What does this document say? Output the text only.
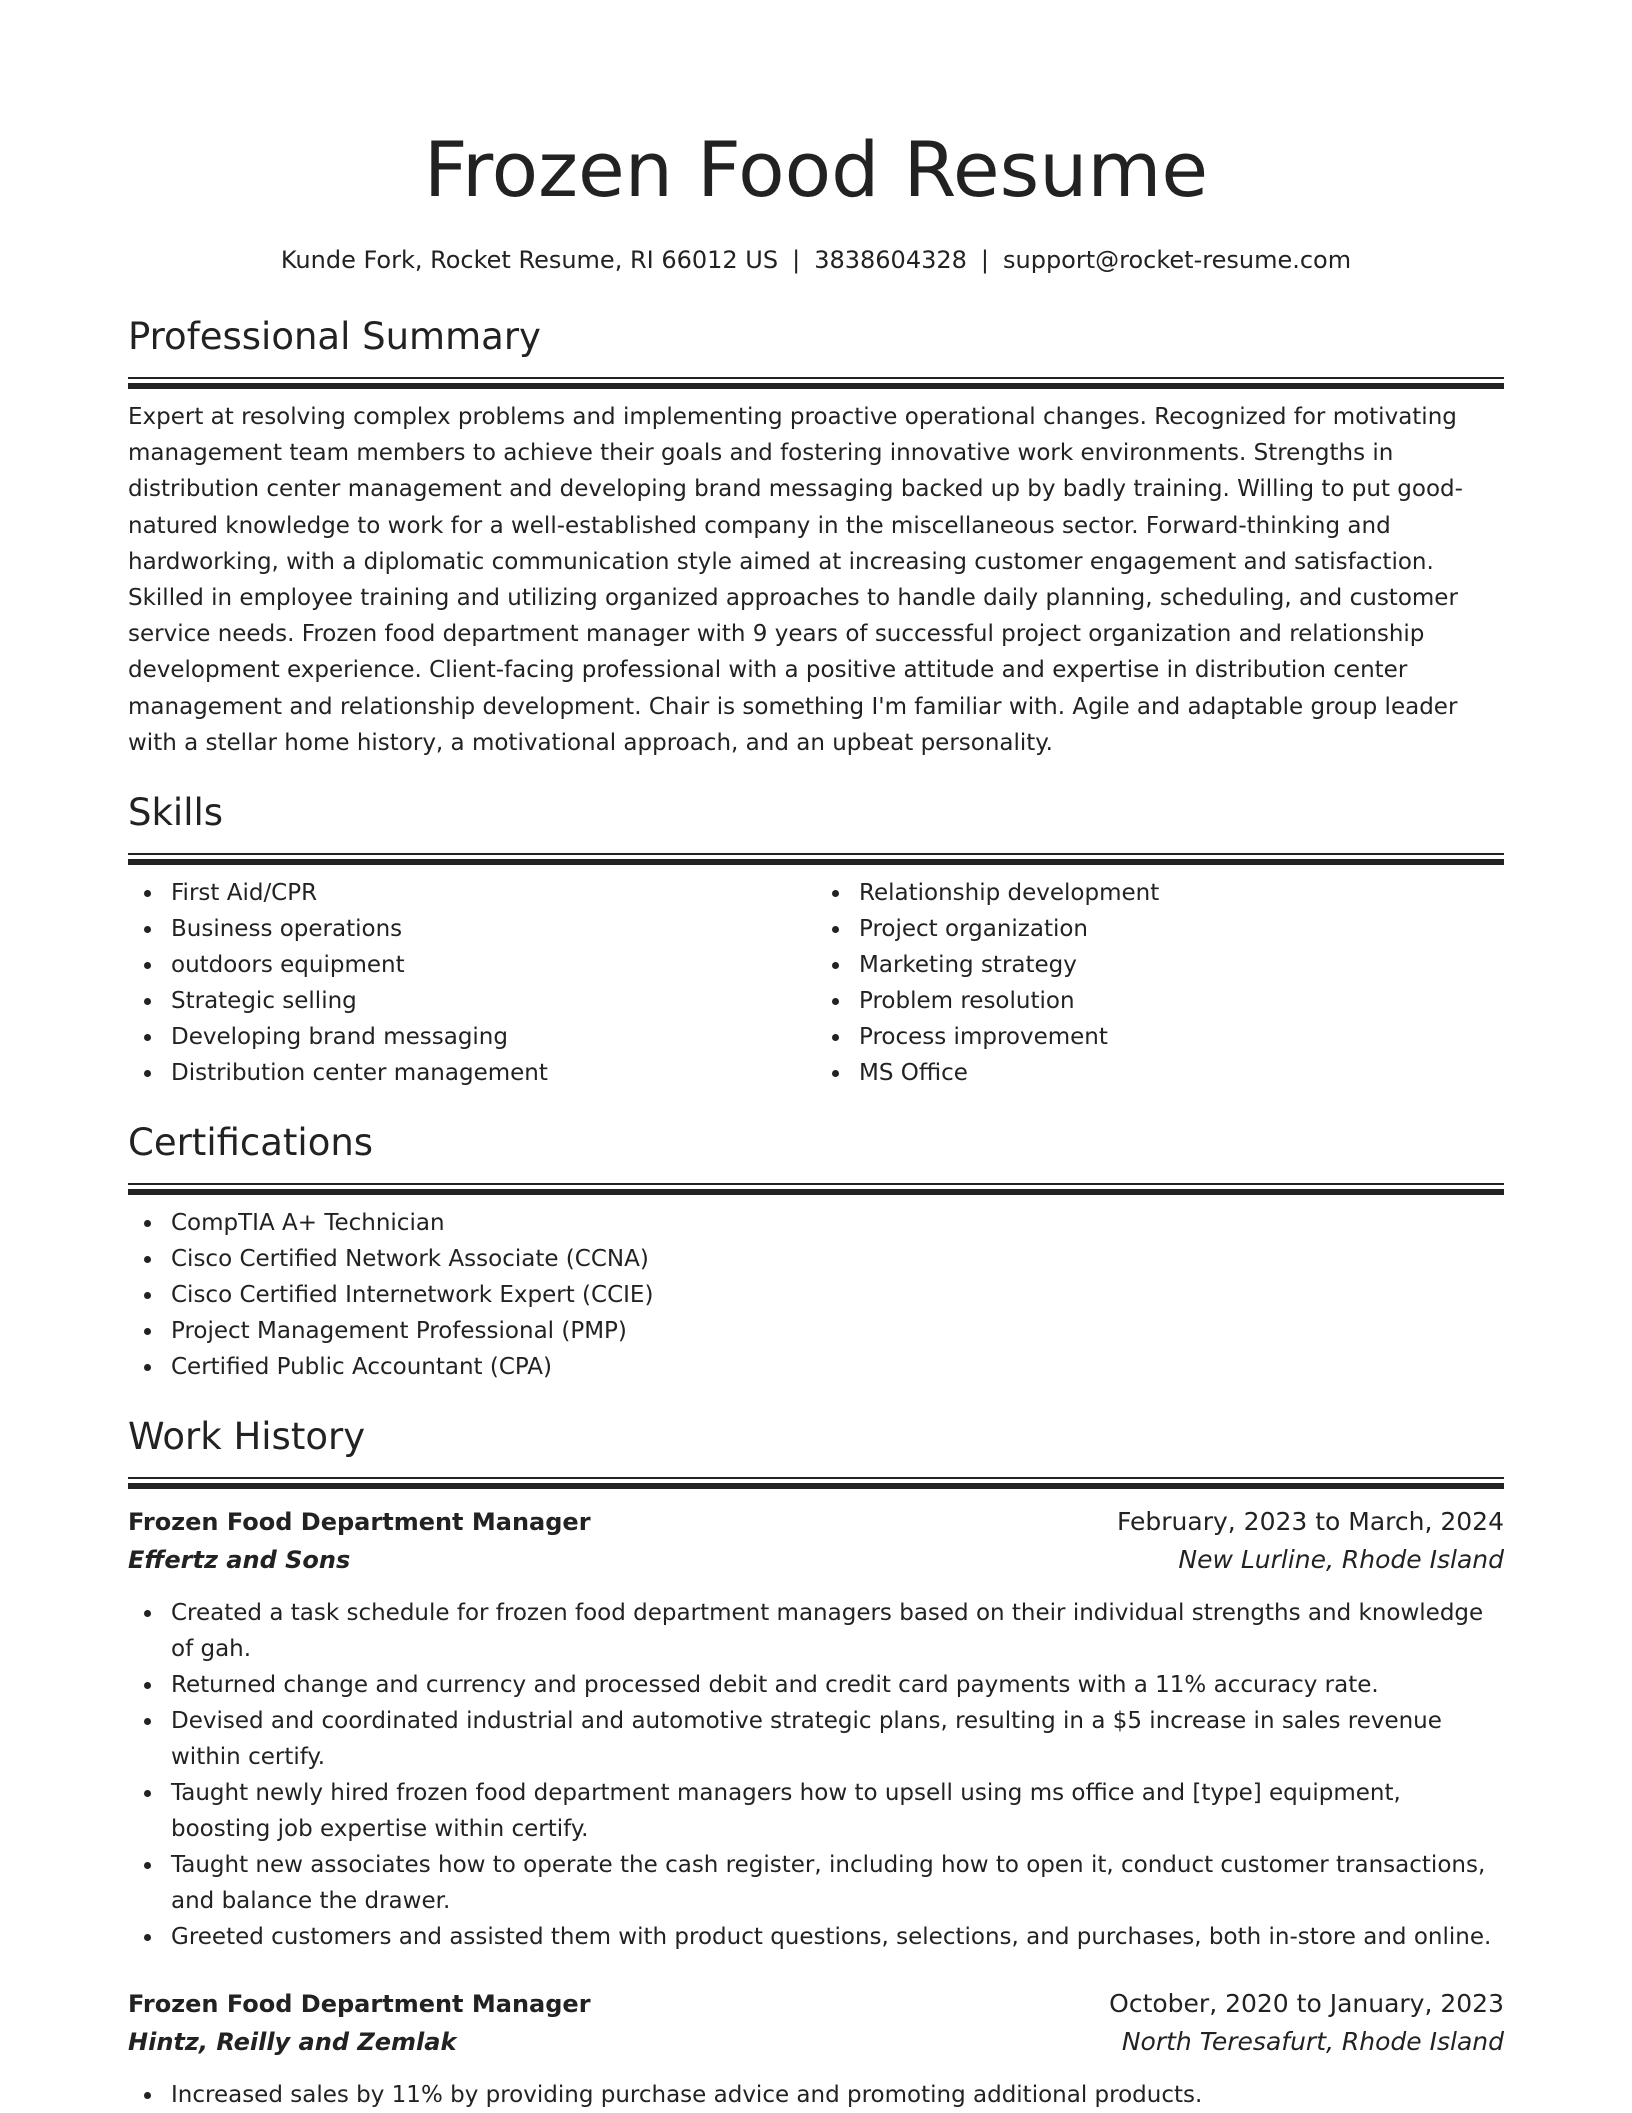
Frozen Food Resume
Kunde Fork, Rocket Resume, RI 66012 US | 3838604328 | support@rocket-resume.com
Professional Summary

Expert at resolving complex problems and implementing proactive operational changes. Recognized for motivating management team members to achieve their goals and fostering innovative work environments. Strengths in distribution center management and developing brand messaging backed up by badly training. Willing to put good-natured knowledge to work for a well-established company in the miscellaneous sector. Forward-thinking and hardworking, with a diplomatic communication style aimed at increasing customer engagement and satisfaction. Skilled in employee training and utilizing organized approaches to handle daily planning, scheduling, and customer service needs. Frozen food department manager with 9 years of successful project organization and relationship development experience. Client-facing professional with a positive attitude and expertise in distribution center management and relationship development. Chair is something I'm familiar with. Agile and adaptable group leader with a stellar home history, a motivational approach, and an upbeat personality.

Skills
First Aid/CPR
Business operations
outdoors equipment
Strategic selling
Developing brand messaging
Distribution center management
Relationship development
Project organization
Marketing strategy
Problem resolution
Process improvement
MS Office
Certifications
CompTIA A+ Technician
Cisco Certified Network Associate (CCNA)
Cisco Certified Internetwork Expert (CCIE)
Project Management Professional (PMP)
Certified Public Accountant (CPA)
Work History
Frozen Food Department Manager	February, 2023 to March, 2024
Effertz and Sons	New Lurline, Rhode Island
Created a task schedule for frozen food department managers based on their individual strengths and knowledge of gah.
Returned change and currency and processed debit and credit card payments with a 11% accuracy rate.
Devised and coordinated industrial and automotive strategic plans, resulting in a $5 increase in sales revenue within certify.
Taught newly hired frozen food department managers how to upsell using ms office and [type] equipment, boosting job expertise within certify.
Taught new associates how to operate the cash register, including how to open it, conduct customer transactions, and balance the drawer.
Greeted customers and assisted them with product questions, selections, and purchases, both in-store and online.
Frozen Food Department Manager	October, 2020 to January, 2023
Hintz, Reilly and Zemlak	North Teresafurt, Rhode Island
Increased sales by 11% by providing purchase advice and promoting additional products.
